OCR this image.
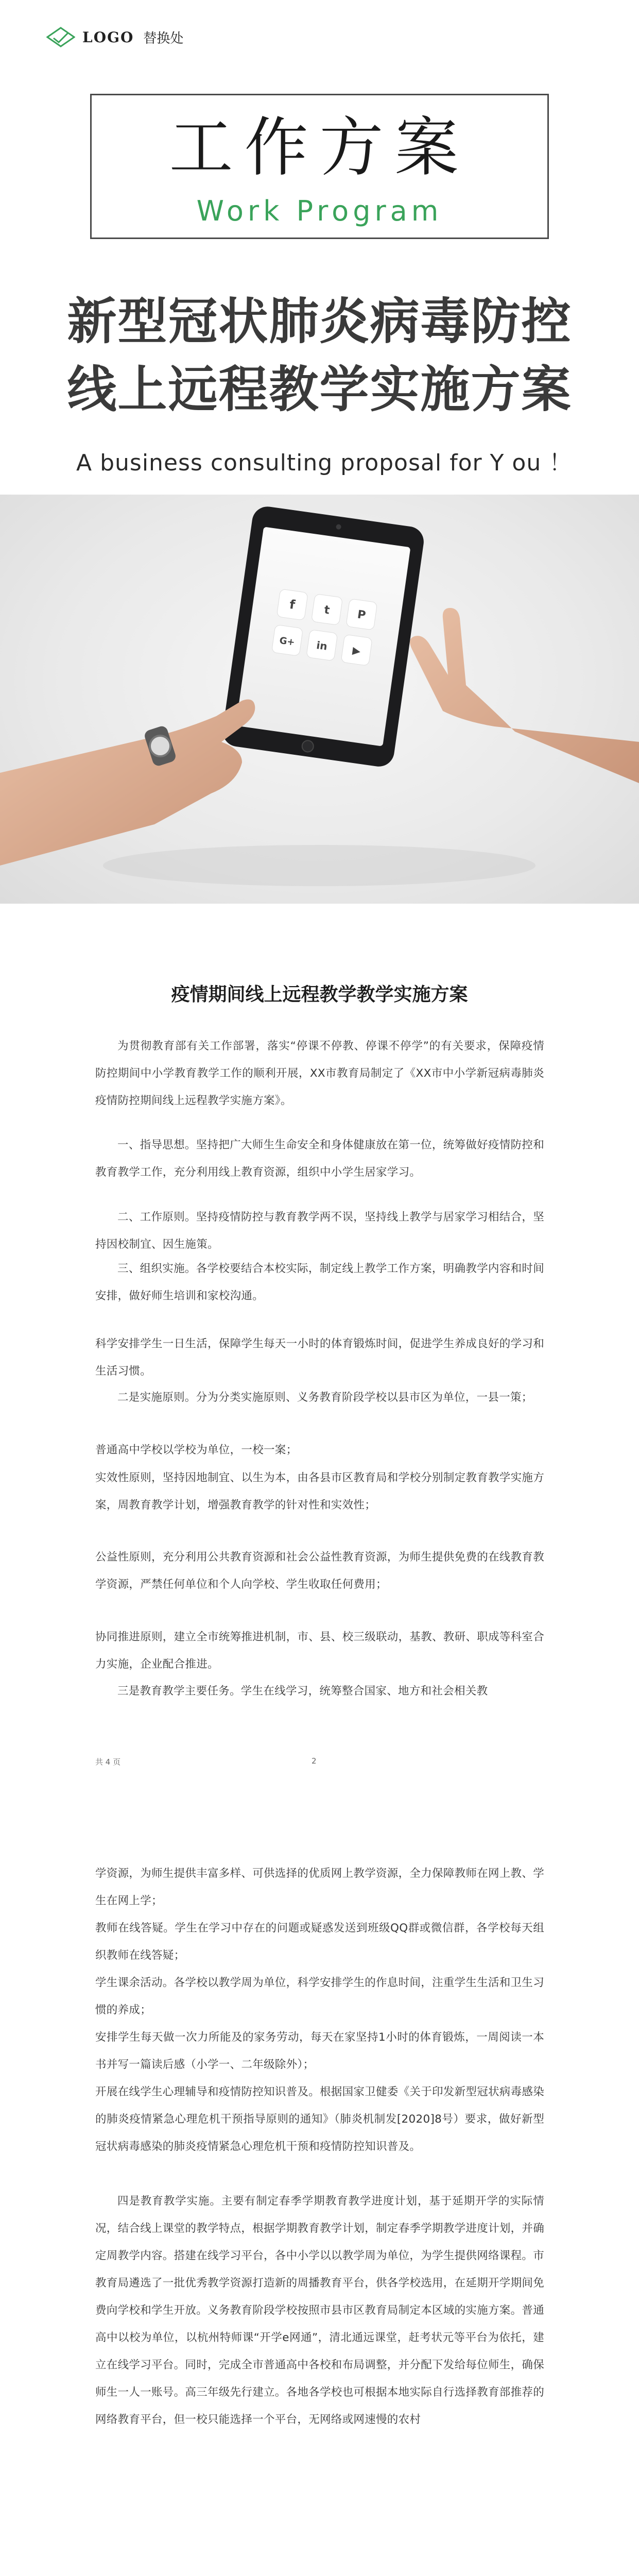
LOGO 替换处
工作方案
Work Program
新型冠状肺炎病毒防控
线上远程教学实施方案
A business consulting proposal for Y ou ！
f t P
G+ in ▶
疫情期间线上远程教学教学实施方案

为贯彻教育部有关工作部署，落实“停课不停教、停课不停学”的有关要求，保障疫情防控期间中小学教育教学工作的顺利开展，XX市教育局制定了《XX市中小学新冠病毒肺炎疫情防控期间线上远程教学实施方案》。

一、指导思想。坚持把广大师生生命安全和身体健康放在第一位，统筹做好疫情防控和教育教学工作，充分利用线上教育资源，组织中小学生居家学习。

二、工作原则。坚持疫情防控与教育教学两不误，坚持线上教学与居家学习相结合，坚持因校制宜、因生施策。

三、组织实施。各学校要结合本校实际，制定线上教学工作方案，明确教学内容和时间安排，做好师生培训和家校沟通。

科学安排学生一日生活，保障学生每天一小时的体育锻炼时间，促进学生养成良好的学习和生活习惯。

二是实施原则。分为分类实施原则、义务教育阶段学校以县市区为单位，一县一策；

普通高中学校以学校为单位，一校一案；

实效性原则，坚持因地制宜、以生为本，由各县市区教育局和学校分别制定教育教学实施方案，周教育教学计划，增强教育教学的针对性和实效性；

公益性原则，充分利用公共教育资源和社会公益性教育资源，为师生提供免费的在线教育教学资源，严禁任何单位和个人向学校、学生收取任何费用；

协同推进原则，建立全市统筹推进机制，市、县、校三级联动，基教、教研、职成等科室合力实施，企业配合推进。

三是教育教学主要任务。学生在线学习，统筹整合国家、地方和社会相关教

共 4 页	2

学资源，为师生提供丰富多样、可供选择的优质网上教学资源，全力保障教师在网上教、学生在网上学；

教师在线答疑。学生在学习中存在的问题或疑惑发送到班级QQ群或微信群，各学校每天组织教师在线答疑；

学生课余活动。各学校以教学周为单位，科学安排学生的作息时间，注重学生生活和卫生习惯的养成；

安排学生每天做一次力所能及的家务劳动，每天在家坚持1小时的体育锻炼，一周阅读一本书并写一篇读后感（小学一、二年级除外）；

开展在线学生心理辅导和疫情防控知识普及。根据国家卫健委《关于印发新型冠状病毒感染的肺炎疫情紧急心理危机干预指导原则的通知》（肺炎机制发[2020]8号）要求，做好新型冠状病毒感染的肺炎疫情紧急心理危机干预和疫情防控知识普及。

四是教育教学实施。主要有制定春季学期教育教学进度计划，基于延期开学的实际情况，结合线上课堂的教学特点，根据学期教育教学计划，制定春季学期教学进度计划，并确定周教学内容。搭建在线学习平台，各中小学以以教学周为单位，为学生提供网络课程。市教育局遴选了一批优秀教学资源打造新的周播教育平台，供各学校选用，在延期开学期间免费向学校和学生开放。义务教育阶段学校按照市县市区教育局制定本区域的实施方案。普通高中以校为单位，以杭州特师课“开学e网通”，清北通远课堂，赶考状元等平台为依托，建立在线学习平台。同时，完成全市普通高中各校和布局调整，并分配下发给每位师生，确保师生一人一账号。高三年级先行建立。各地各学校也可根据本地实际自行选择教育部推荐的网络教育平台，但一校只能选择一个平台，无网络或网速慢的农村
